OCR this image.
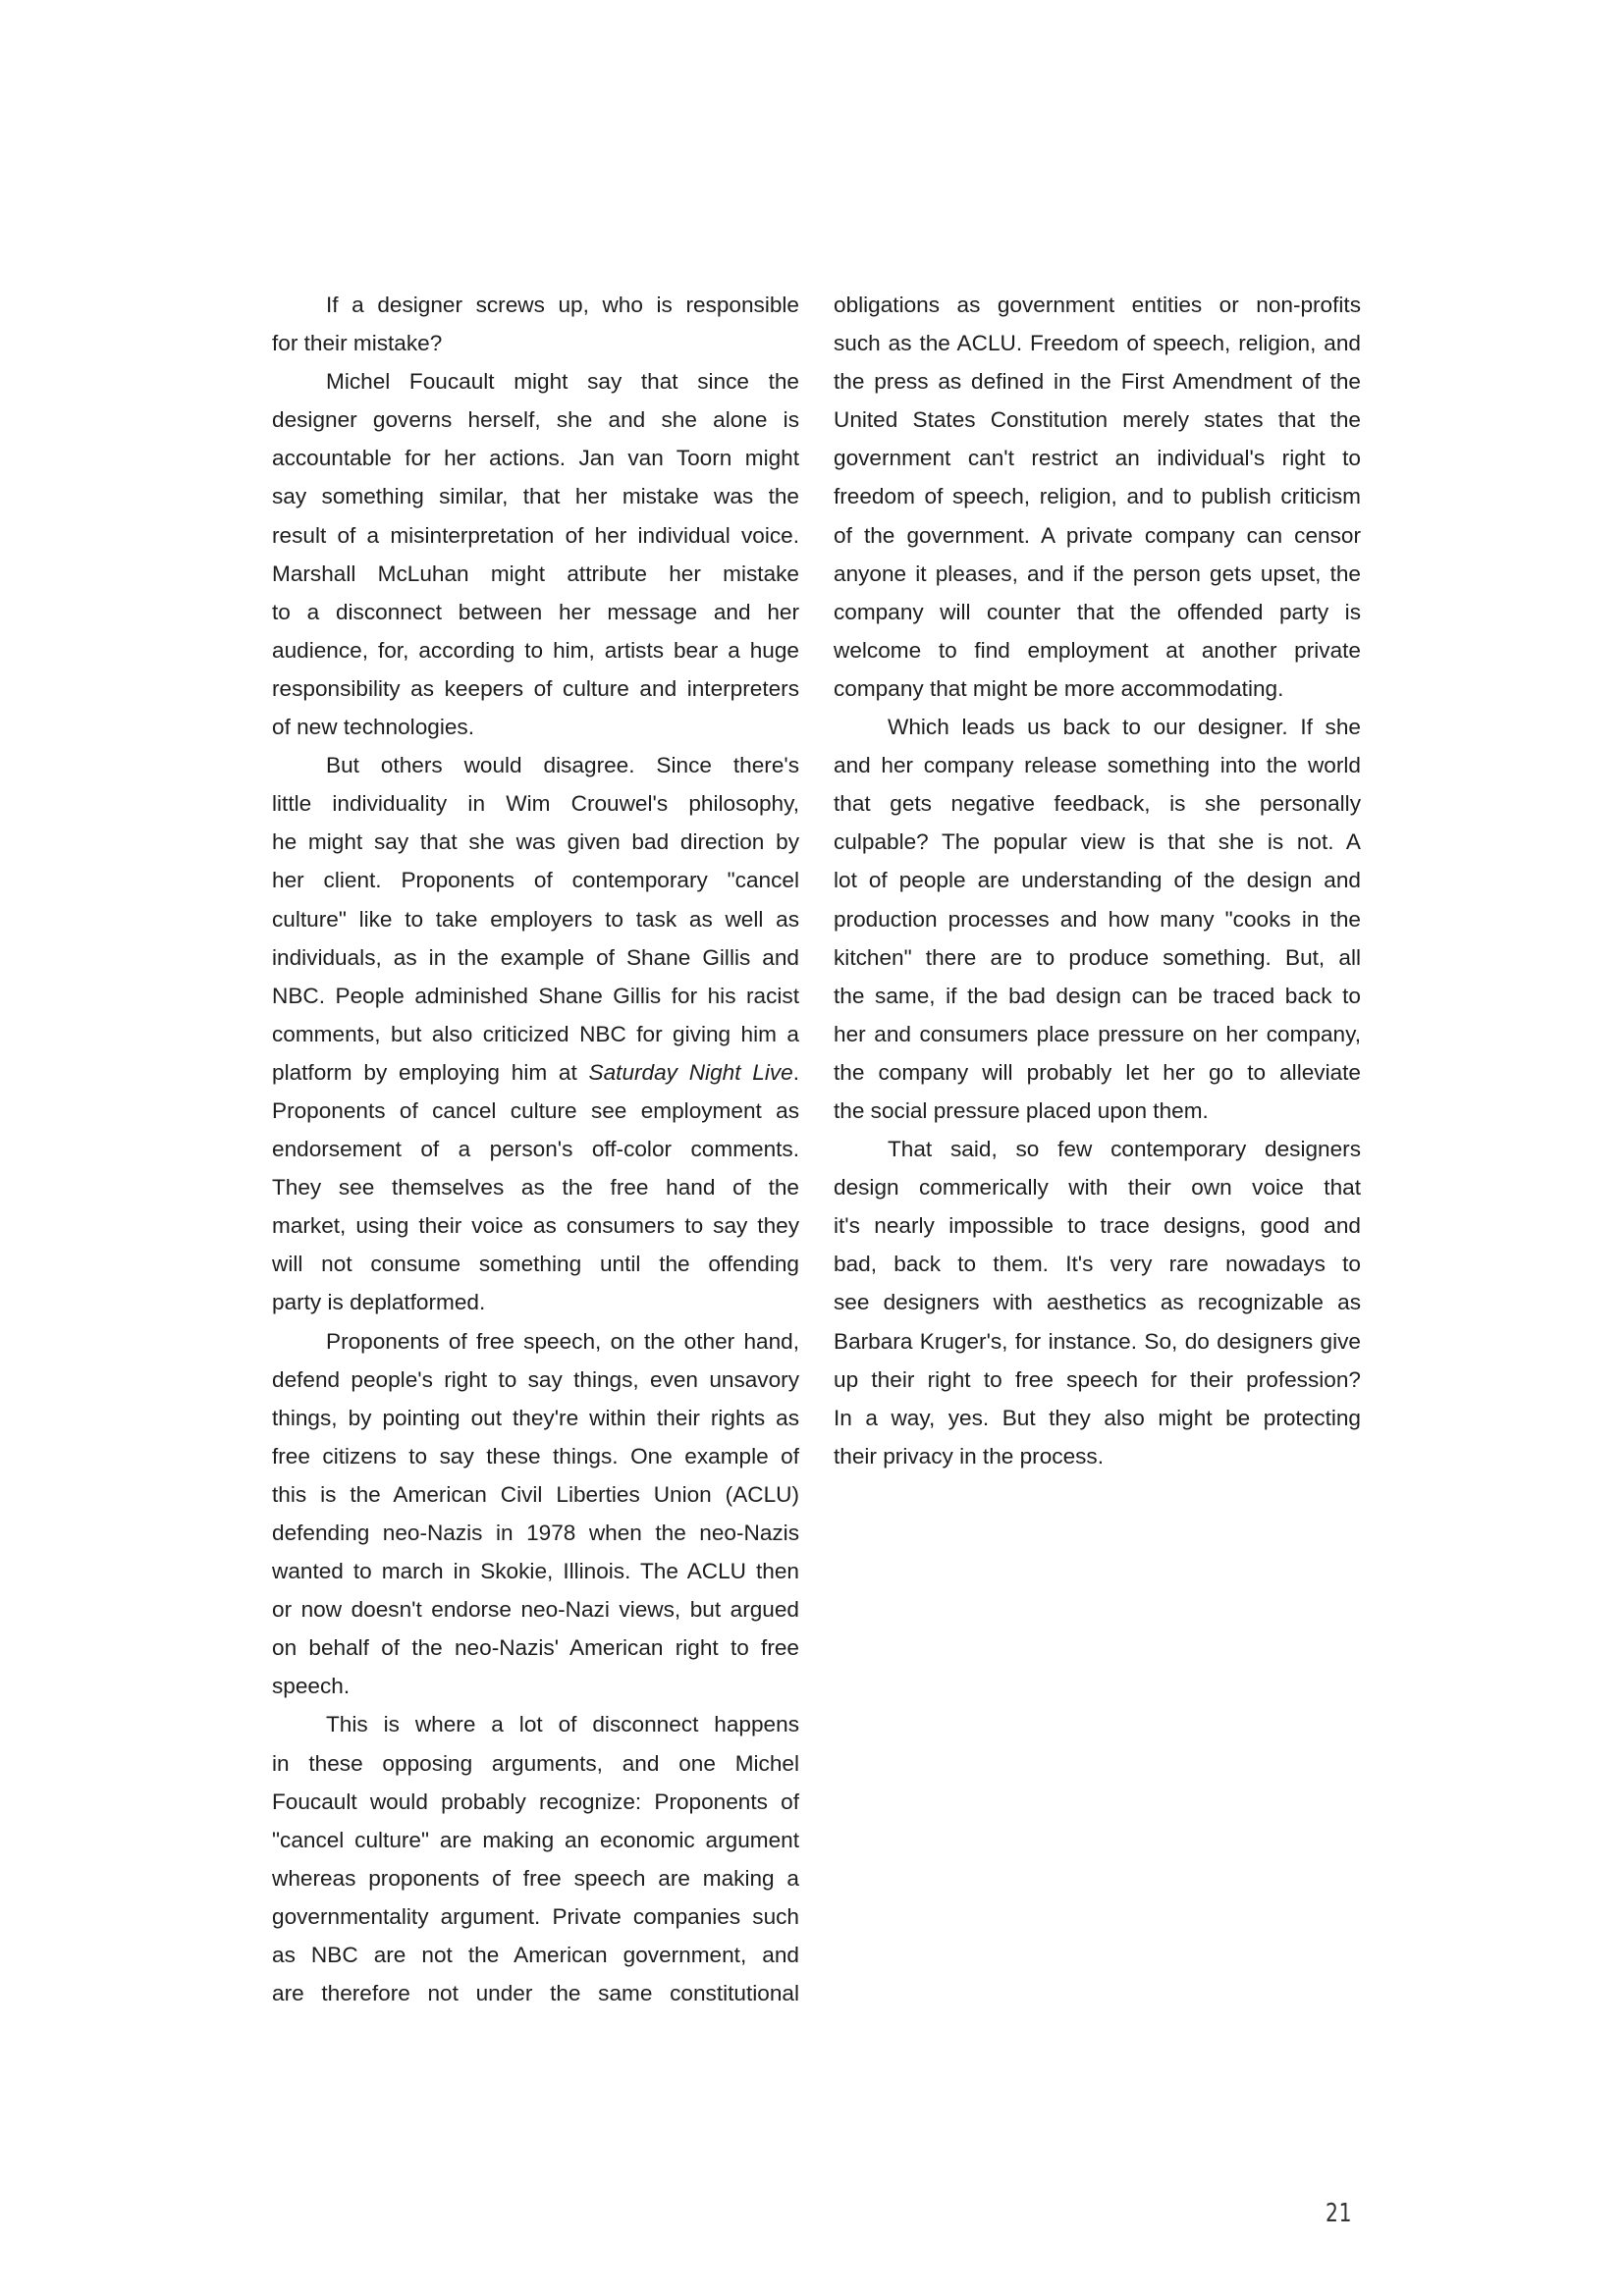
If a designer screws up, who is responsible
for their mistake?
Michel Foucault might say that since the
designer governs herself, she and she alone is
accountable for her actions. Jan van Toorn might
say something similar, that her mistake was the
result of a misinterpretation of her individual voice.
Marshall McLuhan might attribute her mistake
to a disconnect between her message and her
audience, for, according to him, artists bear a huge
responsibility as keepers of culture and interpreters
of new technologies.
But others would disagree. Since there's
little individuality in Wim Crouwel's philosophy,
he might say that she was given bad direction by
her client. Proponents of contemporary "cancel
culture" like to take employers to task as well as
individuals, as in the example of Shane Gillis and
NBC. People adminished Shane Gillis for his racist
comments, but also criticized NBC for giving him a
platform by employing him at Saturday Night Live.
Proponents of cancel culture see employment as
endorsement of a person's off-color comments.
They see themselves as the free hand of the
market, using their voice as consumers to say they
will not consume something until the offending
party is deplatformed.
Proponents of free speech, on the other hand,
defend people's right to say things, even unsavory
things, by pointing out they're within their rights as
free citizens to say these things. One example of
this is the American Civil Liberties Union (ACLU)
defending neo-Nazis in 1978 when the neo-Nazis
wanted to march in Skokie, Illinois. The ACLU then
or now doesn't endorse neo-Nazi views, but argued
on behalf of the neo-Nazis' American right to free
speech.
This is where a lot of disconnect happens
in these opposing arguments, and one Michel
Foucault would probably recognize: Proponents of
"cancel culture" are making an economic argument
whereas proponents of free speech are making a
governmentality argument. Private companies such
as NBC are not the American government, and
are therefore not under the same constitutional
obligations as government entities or non-profits
such as the ACLU. Freedom of speech, religion, and
the press as defined in the First Amendment of the
United States Constitution merely states that the
government can't restrict an individual's right to
freedom of speech, religion, and to publish criticism
of the government. A private company can censor
anyone it pleases, and if the person gets upset, the
company will counter that the offended party is
welcome to find employment at another private
company that might be more accommodating.
Which leads us back to our designer. If she
and her company release something into the world
that gets negative feedback, is she personally
culpable? The popular view is that she is not. A
lot of people are understanding of the design and
production processes and how many "cooks in the
kitchen" there are to produce something. But, all
the same, if the bad design can be traced back to
her and consumers place pressure on her company,
the company will probably let her go to alleviate
the social pressure placed upon them.
That said, so few contemporary designers
design commerically with their own voice that
it's nearly impossible to trace designs, good and
bad, back to them. It's very rare nowadays to
see designers with aesthetics as recognizable as
Barbara Kruger's, for instance. So, do designers give
up their right to free speech for their profession?
In a way, yes. But they also might be protecting
their privacy in the process.
21
